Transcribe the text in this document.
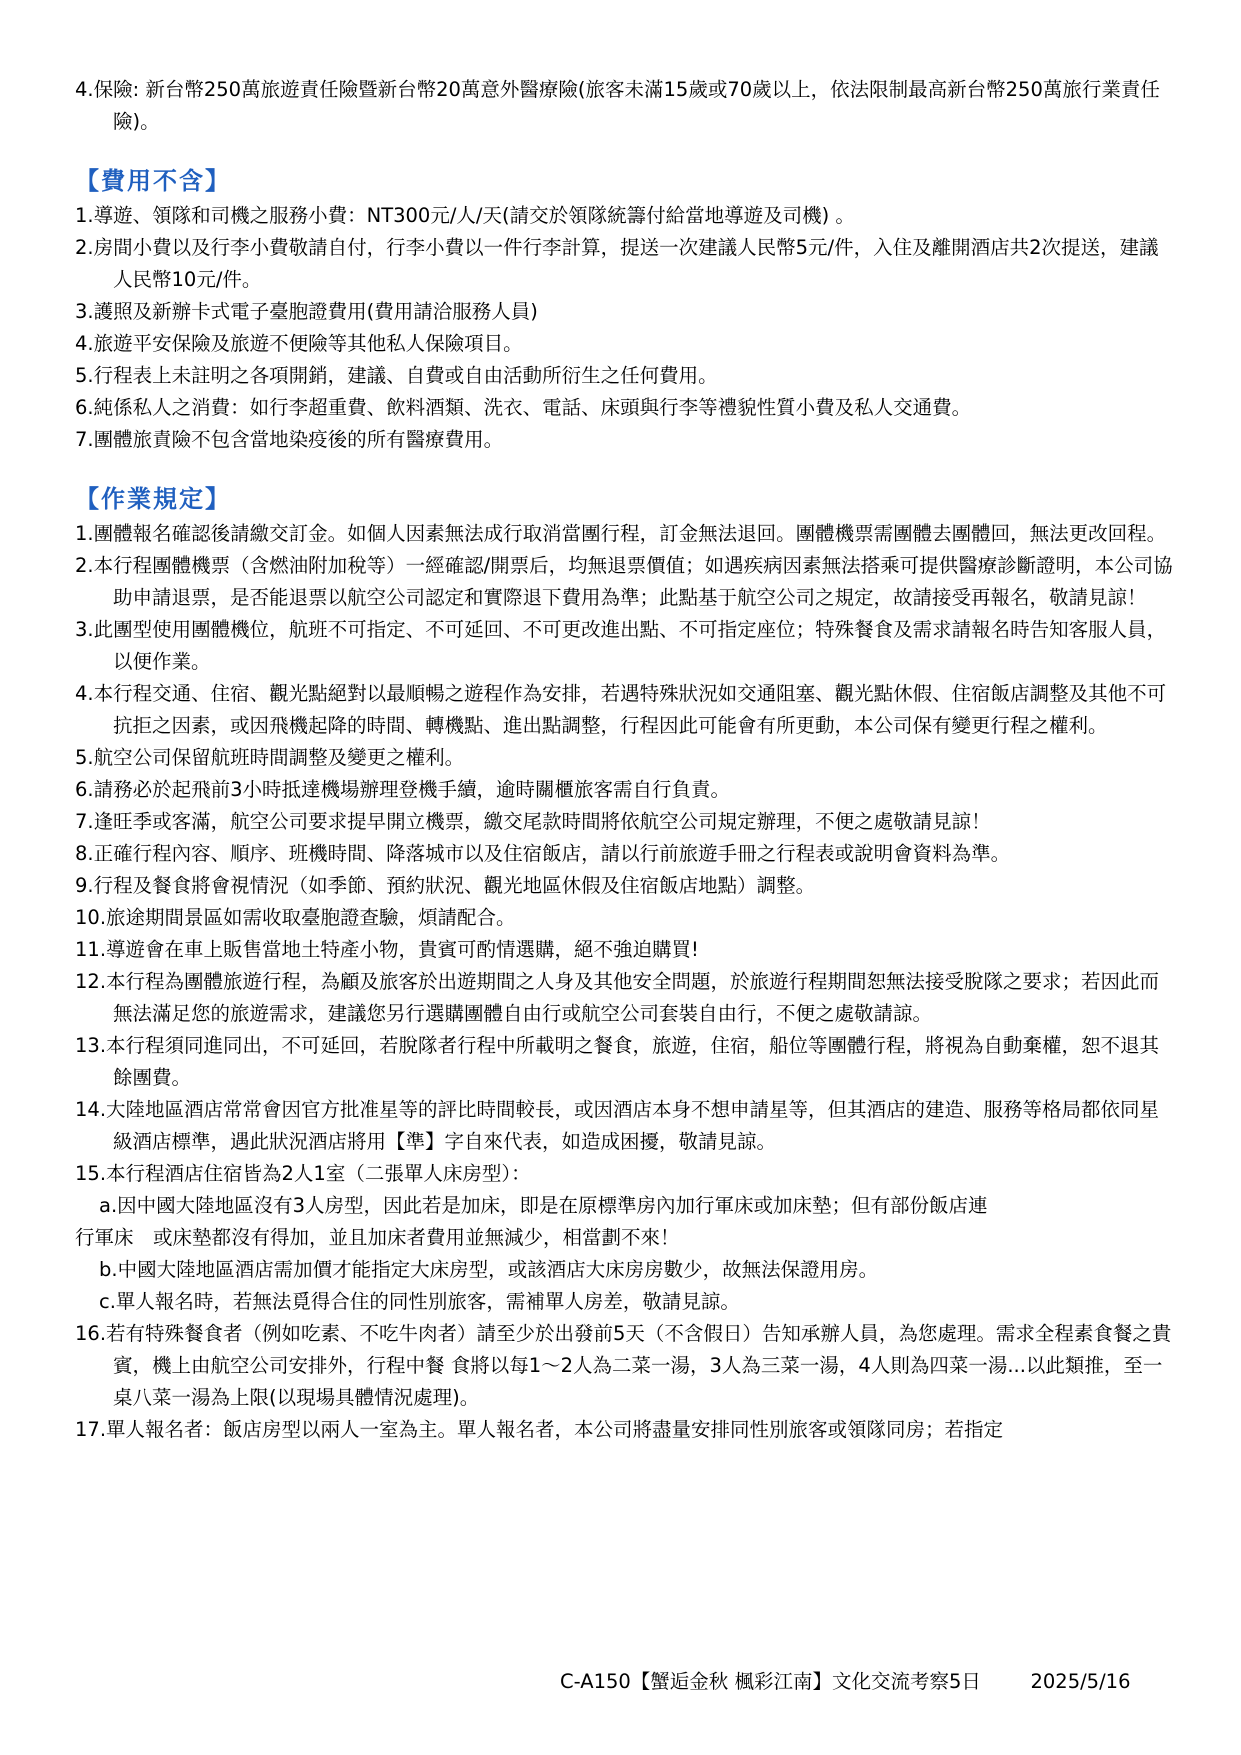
4.保險: 新台幣250萬旅遊責任險暨新台幣20萬意外醫療險(旅客未滿15歲或70歲以上，依法限制最高新台幣250萬旅行業責任險)。
【費用不含】
1.導遊、領隊和司機之服務小費：NT300元/人/天(請交於領隊統籌付給當地導遊及司機) 。
2.房間小費以及行李小費敬請自付，行李小費以一件行李計算，提送一次建議人民幣5元/件，入住及離開酒店共2次提送，建議人民幣10元/件。
3.護照及新辦卡式電子臺胞證費用(費用請洽服務人員)
4.旅遊平安保險及旅遊不便險等其他私人保險項目。
5.行程表上未註明之各項開銷，建議、自費或自由活動所衍生之任何費用。
6.純係私人之消費：如行李超重費、飲料酒類、洗衣、電話、床頭與行李等禮貌性質小費及私人交通費。
7.團體旅責險不包含當地染疫後的所有醫療費用。
【作業規定】
1.團體報名確認後請繳交訂金。如個人因素無法成行取消當團行程，訂金無法退回。團體機票需團體去團體回，無法更改回程。
2.本行程團體機票（含燃油附加稅等）一經確認/開票后，均無退票價值；如遇疾病因素無法搭乘可提供醫療診斷證明，本公司協助申請退票，是否能退票以航空公司認定和實際退下費用為準；此點基于航空公司之規定，故請接受再報名，敬請見諒！
3.此團型使用團體機位，航班不可指定、不可延回、不可更改進出點、不可指定座位；特殊餐食及需求請報名時告知客服人員，以便作業。
4.本行程交通、住宿、觀光點絕對以最順暢之遊程作為安排，若遇特殊狀況如交通阻塞、觀光點休假、住宿飯店調整及其他不可抗拒之因素，或因飛機起降的時間、轉機點、進出點調整，行程因此可能會有所更動，本公司保有變更行程之權利。
5.航空公司保留航班時間調整及變更之權利。
6.請務必於起飛前3小時抵達機場辦理登機手續，逾時關櫃旅客需自行負責。
7.逢旺季或客滿，航空公司要求提早開立機票，繳交尾款時間將依航空公司規定辦理，不便之處敬請見諒！
8.正確行程內容、順序、班機時間、降落城市以及住宿飯店，請以行前旅遊手冊之行程表或說明會資料為準。
9.行程及餐食將會視情況（如季節、預約狀況、觀光地區休假及住宿飯店地點）調整。
10.旅途期間景區如需收取臺胞證查驗，煩請配合。
11.導遊會在車上販售當地土特產小物，貴賓可酌情選購，絕不強迫購買!
12.本行程為團體旅遊行程，為顧及旅客於出遊期間之人身及其他安全問題，於旅遊行程期間恕無法接受脫隊之要求；若因此而無法滿足您的旅遊需求，建議您另行選購團體自由行或航空公司套裝自由行，不便之處敬請諒。
13.本行程須同進同出，不可延回，若脫隊者行程中所載明之餐食，旅遊，住宿，船位等團體行程，將視為自動棄權，恕不退其餘團費。
14.大陸地區酒店常常會因官方批准星等的評比時間較長，或因酒店本身不想申請星等，但其酒店的建造、服務等格局都依同星級酒店標準，遇此狀況酒店將用【準】字自來代表，如造成困擾，敬請見諒。
15.本行程酒店住宿皆為2人1室（二張單人床房型）：
a.因中國大陸地區沒有3人房型，因此若是加床，即是在原標準房內加行軍床或加床墊；但有部份飯店連
行軍床　或床墊都沒有得加，並且加床者費用並無減少，相當劃不來！
b.中國大陸地區酒店需加價才能指定大床房型，或該酒店大床房房數少，故無法保證用房。
c.單人報名時，若無法覓得合住的同性別旅客，需補單人房差，敬請見諒。
16.若有特殊餐食者（例如吃素、不吃牛肉者）請至少於出發前5天（不含假日）告知承辦人員，為您處理。需求全程素食餐之貴賓，機上由航空公司安排外，行程中餐 食將以每1～2人為二菜一湯，3人為三菜一湯，4人則為四菜一湯...以此類推，至一桌八菜一湯為上限(以現場具體情況處理)。
17.單人報名者：飯店房型以兩人一室為主。單人報名者，本公司將盡量安排同性別旅客或領隊同房；若指定
C-A150【蟹逅金秋 楓彩江南】文化交流考察5日	2025/5/16
